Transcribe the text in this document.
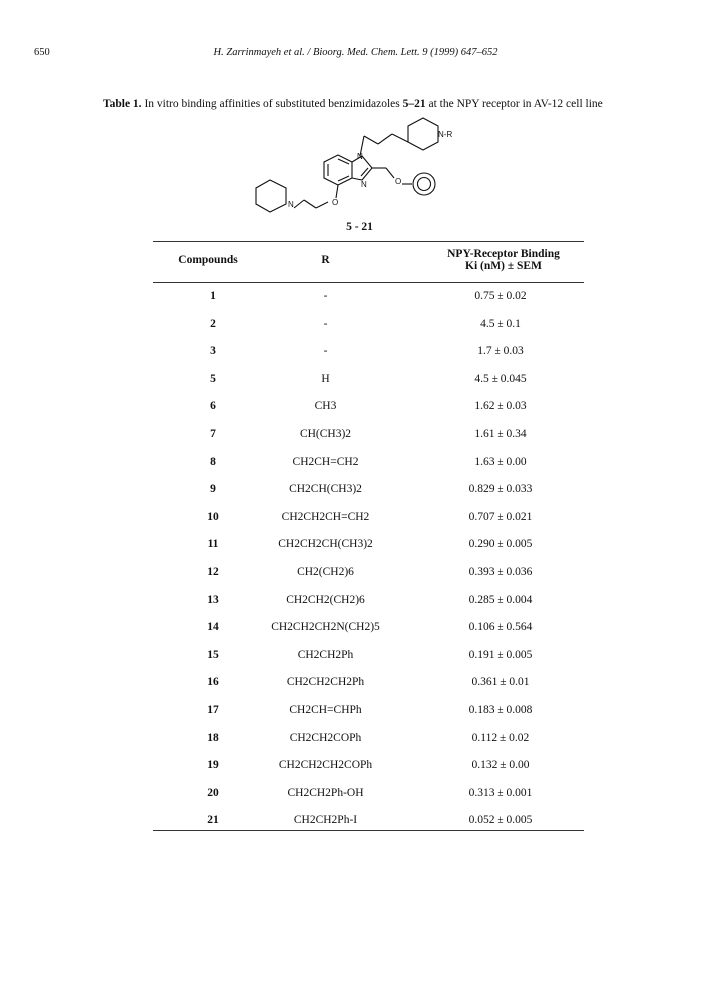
650	H. Zarrinmayeh et al. / Bioorg. Med. Chem. Lett. 9 (1999) 647–652
Table 1. In vitro binding affinities of substituted benzimidazoles 5–21 at the NPY receptor in AV-12 cell line
N-R
N
N	O
O
N
5 - 21
Compounds	R	NPY-Receptor Binding
Ki (nM) ± SEM
1	-	0.75 ± 0.02
2	-	4.5 ± 0.1
3	-	1.7 ± 0.03
5	H	4.5 ± 0.045
6	CH3	1.62 ± 0.03
7	CH(CH3)2	1.61 ± 0.34
8	CH2CH=CH2	1.63 ± 0.00
9	CH2CH(CH3)2	0.829 ± 0.033
10	CH2CH2CH=CH2	0.707 ± 0.021
11	CH2CH2CH(CH3)2	0.290 ± 0.005
12	CH2(CH2)6	0.393 ± 0.036
13	CH2CH2(CH2)6	0.285 ± 0.004
14	CH2CH2CH2N(CH2)5	0.106 ± 0.564
15	CH2CH2Ph	0.191 ± 0.005
16	CH2CH2CH2Ph	0.361 ± 0.01
17	CH2CH=CHPh	0.183 ± 0.008
18	CH2CH2COPh	0.112 ± 0.02
19	CH2CH2CH2COPh	0.132 ± 0.00
20	CH2CH2Ph-OH	0.313 ± 0.001
21	CH2CH2Ph-I	0.052 ± 0.005
